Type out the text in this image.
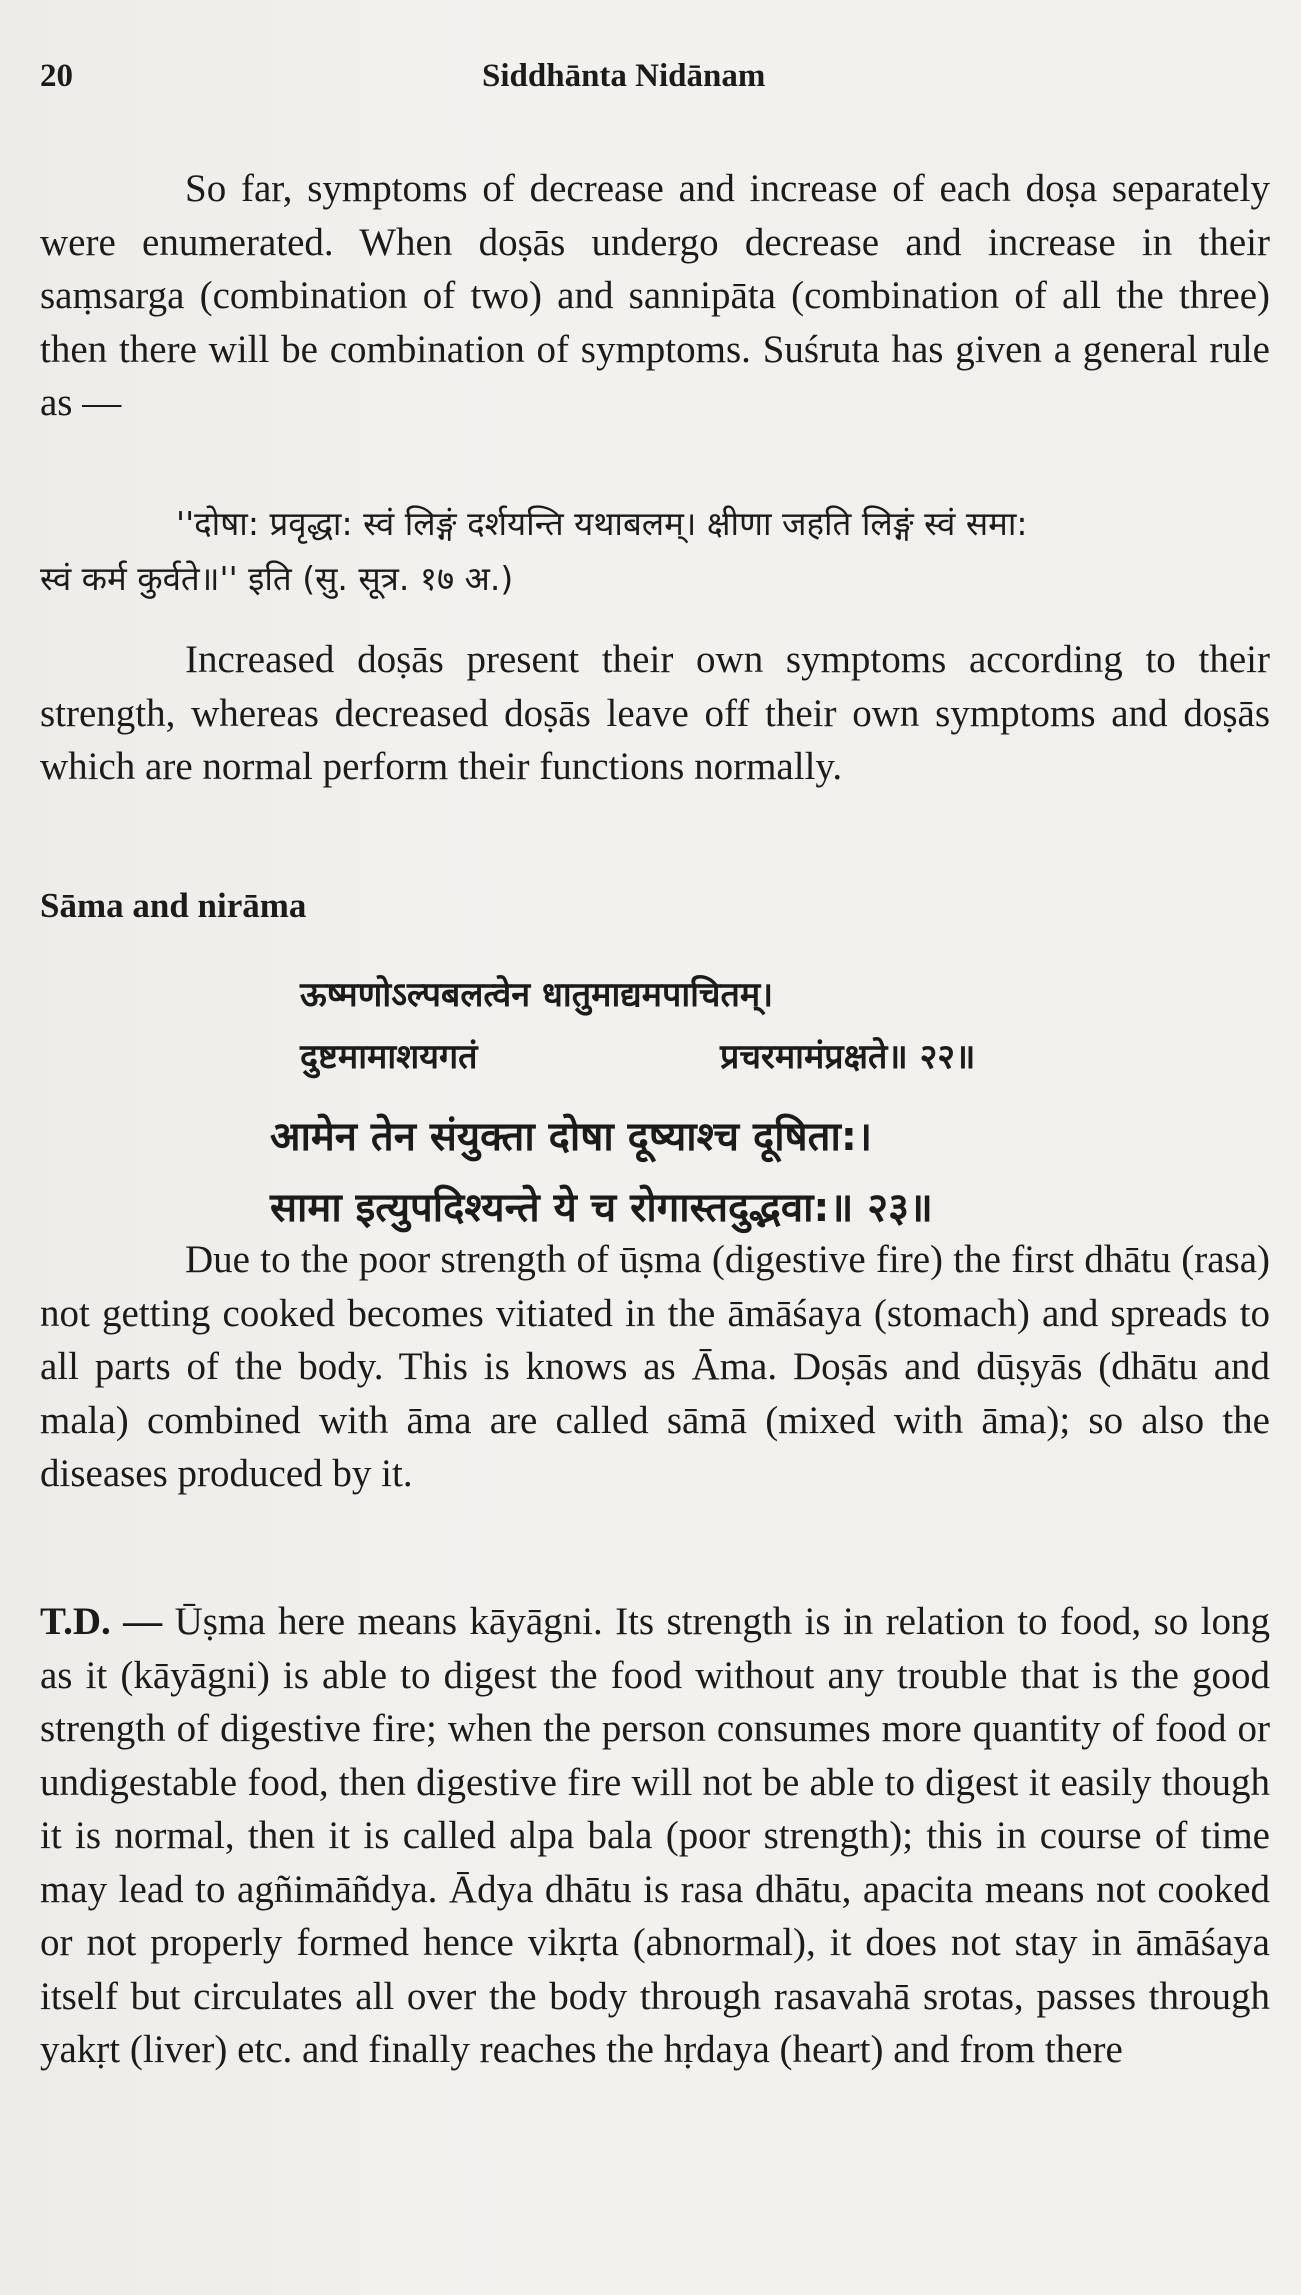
20	Siddhānta Nidānam

So far, symptoms of decrease and increase of each doṣa separately were enumerated. When doṣās undergo decrease and increase in their saṃsarga (combination of two) and sannipāta (combination of all the three) then there will be combination of symptoms. Suśruta has given a general rule as —

''दोषा: प्रवृद्धा: स्वं लिङ्गं दर्शयन्ति यथाबलम्। क्षीणा जहति लिङ्गं स्वं समा:

स्वं कर्म कुर्वते॥'' इति (सु. सूत्र. १७ अ.)

Increased doṣās present their own symptoms according to their strength, whereas decreased doṣās leave off their own symptoms and doṣās which are normal perform their functions normally.

Sāma and nirāma

ऊष्मणोऽल्पबलत्वेन धातुमाद्यमपाचितम्।

दुष्टमामाशयगतं	प्रचरमामंप्रक्षते॥ २२॥

आमेन तेन संयुक्ता दोषा दूष्याश्च दूषिता:।

सामा इत्युपदिश्यन्ते ये च रोगास्तदुद्भवा:॥ २३॥

Due to the poor strength of ūṣma (digestive fire) the first dhātu (rasa) not getting cooked becomes vitiated in the āmāśaya (stomach) and spreads to all parts of the body. This is knows as Āma. Doṣās and dūṣyās (dhātu and mala) combined with āma are called sāmā (mixed with āma); so also the diseases produced by it.

T.D. — Ūṣma here means kāyāgni. Its strength is in relation to food, so long as it (kāyāgni) is able to digest the food without any trouble that is the good strength of digestive fire; when the person consumes more quantity of food or undigestable food, then digestive fire will not be able to digest it easily though it is normal, then it is called alpa bala (poor strength); this in course of time may lead to agñimāñdya. Ādya dhātu is rasa dhātu, apacita means not cooked or not properly formed hence vikṛta (abnormal), it does not stay in āmāśaya itself but circulates all over the body through rasavahā srotas, passes through yakṛt (liver) etc. and finally reaches the hṛdaya (heart) and from there
